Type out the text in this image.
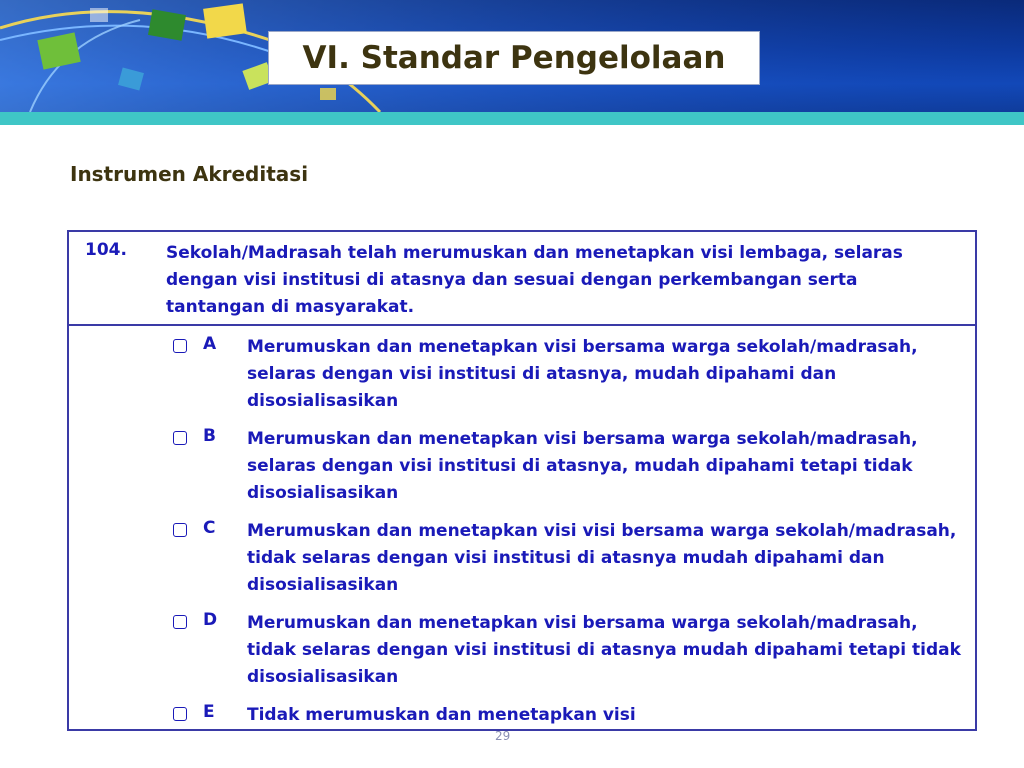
VI. Standar Pengelolaan
Instrumen Akreditasi
104. Sekolah/Madrasah telah merumuskan dan menetapkan visi lembaga, selaras dengan visi institusi di atasnya dan sesuai dengan perkembangan serta tantangan di masyarakat.
A Merumuskan dan menetapkan visi bersama warga sekolah/madrasah, selaras dengan visi institusi di atasnya, mudah dipahami dan disosialisasikan
B Merumuskan dan menetapkan visi bersama warga sekolah/madrasah, selaras dengan visi institusi di atasnya, mudah dipahami tetapi tidak disosialisasikan
C Merumuskan dan menetapkan visi visi bersama warga sekolah/madrasah, tidak selaras dengan visi institusi di atasnya mudah dipahami dan disosialisasikan
D Merumuskan dan menetapkan visi bersama warga sekolah/madrasah, tidak selaras dengan visi institusi di atasnya mudah dipahami tetapi tidak disosialisasikan
E Tidak merumuskan dan menetapkan visi
29
